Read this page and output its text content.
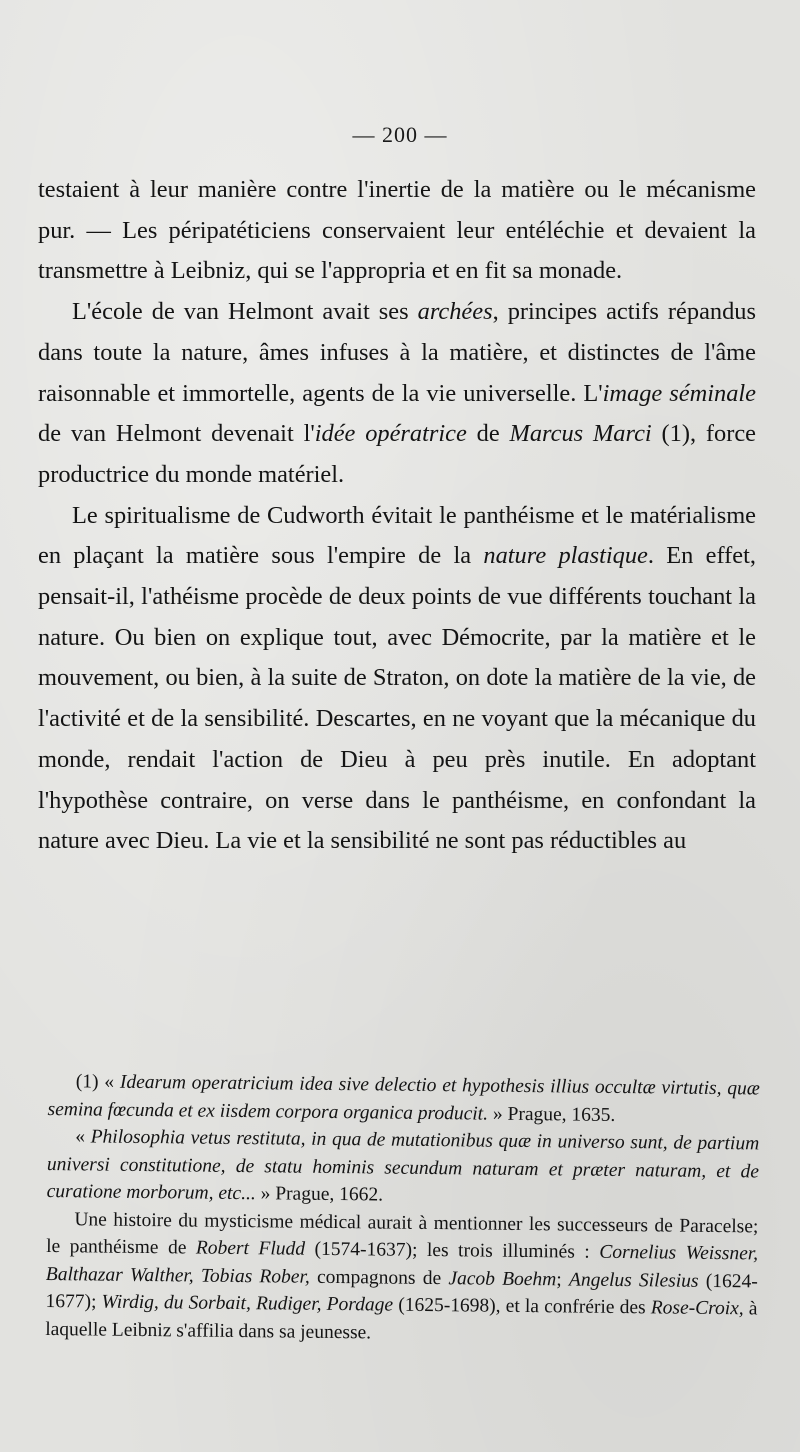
— 200 —

testaient à leur manière contre l'inertie de la matière ou le mécanisme pur. — Les péripatéticiens conservaient leur entéléchie et devaient la transmettre à Leibniz, qui se l'appropria et en fit sa monade.

L'école de van Helmont avait ses archées, principes actifs répandus dans toute la nature, âmes infuses à la matière, et distinctes de l'âme raisonnable et immortelle, agents de la vie universelle. L'image séminale de van Helmont devenait l'idée opératrice de Marcus Marci (1), force productrice du monde matériel.

Le spiritualisme de Cudworth évitait le panthéisme et le matérialisme en plaçant la matière sous l'empire de la nature plastique. En effet, pensait-il, l'athéisme procède de deux points de vue différents touchant la nature. Ou bien on explique tout, avec Démocrite, par la matière et le mouvement, ou bien, à la suite de Straton, on dote la matière de la vie, de l'activité et de la sensibilité. Descartes, en ne voyant que la mécanique du monde, rendait l'action de Dieu à peu près inutile. En adoptant l'hypothèse contraire, on verse dans le panthéisme, en confondant la nature avec Dieu. La vie et la sensibilité ne sont pas réductibles au

(1) « Idearum operatricium idea sive delectio et hypothesis illius occultæ virtutis, quæ semina fœcunda et ex iisdem corpora organica producit. » Prague, 1635.

« Philosophia vetus restituta, in qua de mutationibus quæ in universo sunt, de partium universi constitutione, de statu hominis secundum naturam et præter naturam, et de curatione morborum, etc... » Prague, 1662.

Une histoire du mysticisme médical aurait à mentionner les successeurs de Paracelse; le panthéisme de Robert Fludd (1574-1637); les trois illuminés : Cornelius Weissner, Balthazar Walther, Tobias Rober, compagnons de Jacob Boehm; Angelus Silesius (1624-1677); Wirdig, du Sorbait, Rudiger, Pordage (1625-1698), et la confrérie des Rose-Croix, à laquelle Leibniz s'affilia dans sa jeunesse.
